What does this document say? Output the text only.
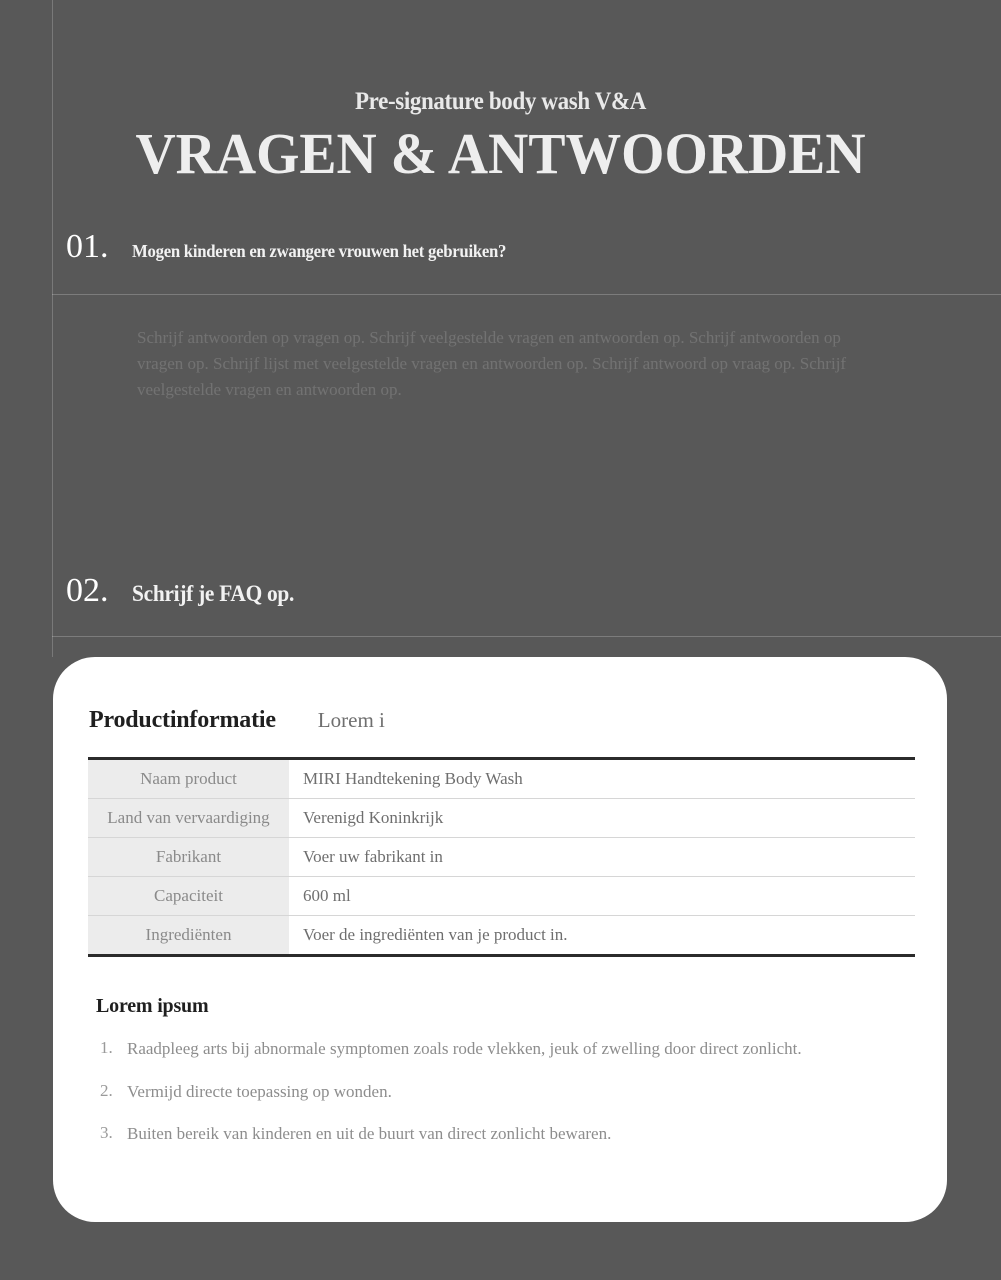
Pre-signature body wash V&A
VRAGEN & ANTWOORDEN
01.	Mogen kinderen en zwangere vrouwen het gebruiken?
Schrijf antwoorden op vragen op. Schrijf veelgestelde vragen en antwoorden op. Schrijf antwoorden op vragen op. Schrijf lijst met veelgestelde vragen en antwoorden op. Schrijf antwoord op vraag op. Schrijf veelgestelde vragen en antwoorden op.
02.	Schrijf je FAQ op.
Productinformatie Lorem i
Naam product	MIRI Handtekening Body Wash
Land van vervaardiging	Verenigd Koninkrijk
Fabrikant	Voer uw fabrikant in
Capaciteit	600 ml
Ingrediënten	Voer de ingrediënten van je product in.
Lorem ipsum
Raadpleeg arts bij abnormale symptomen zoals rode vlekken, jeuk of zwelling door direct zonlicht.
Vermijd directe toepassing op wonden.
Buiten bereik van kinderen en uit de buurt van direct zonlicht bewaren.
